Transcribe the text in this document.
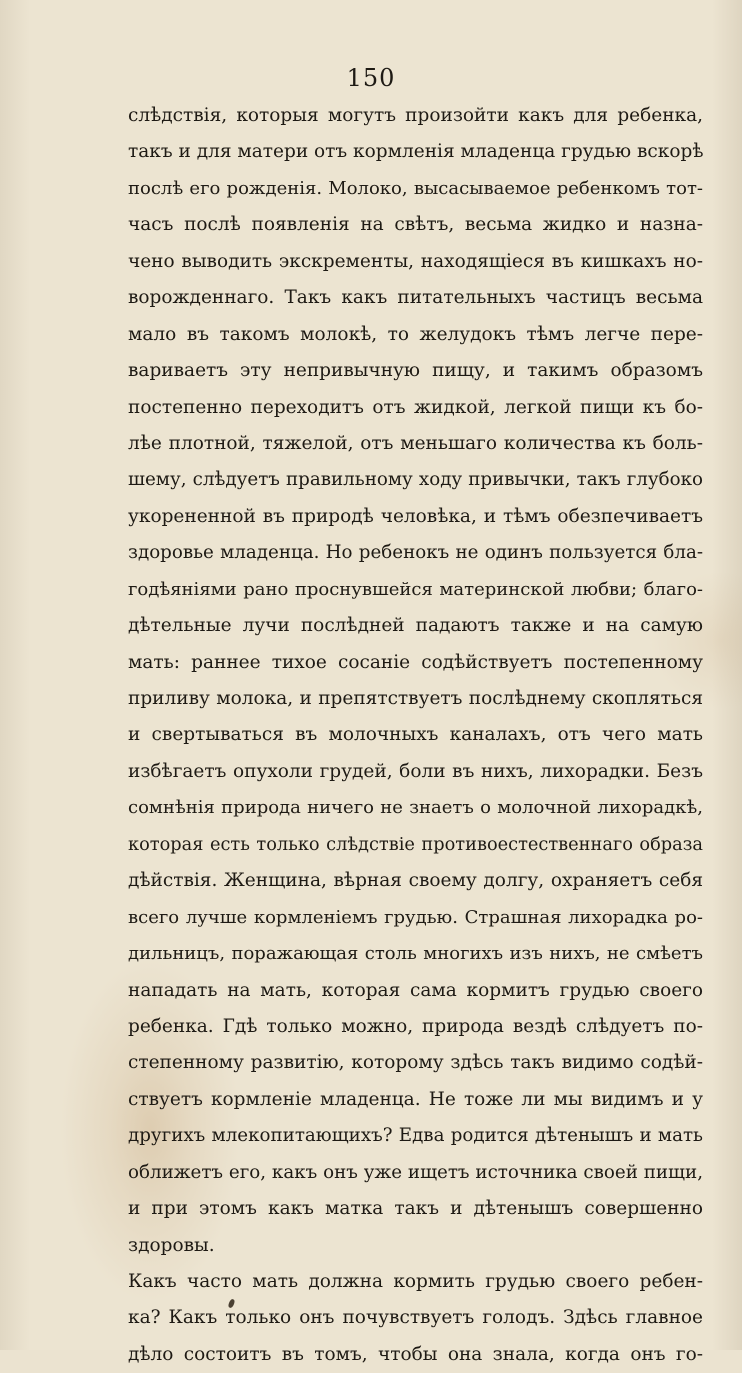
150
слѣдствія, которыя могутъ произойти какъ для ребенка,
такъ и для матери отъ кормленія младенца грудью вскорѣ
послѣ его рожденія. Молоко, высасываемое ребенкомъ тот-
часъ послѣ появленія на свѣтъ, весьма жидко и назна-
чено выводить экскременты, находящіеся въ кишкахъ но-
ворожденнаго. Такъ какъ питательныхъ частицъ весьма
мало въ такомъ молокѣ, то желудокъ тѣмъ легче пере-
вариваетъ эту непривычную пищу, и такимъ образомъ
постепенно переходитъ отъ жидкой, легкой пищи къ бо-
лѣе плотной, тяжелой, отъ меньшаго количества къ боль-
шему, слѣдуетъ правильному ходу привычки, такъ глубоко
укорененной въ природѣ человѣка, и тѣмъ обезпечиваетъ
здоровье младенца. Но ребенокъ не одинъ пользуется бла-
годѣяніями рано проснувшейся материнской любви; благо-
дѣтельные лучи послѣдней падаютъ также и на самую
мать: раннее тихое сосаніе содѣйствуетъ постепенному
приливу молока, и препятствуетъ послѣднему скопляться
и свертываться въ молочныхъ каналахъ, отъ чего мать
избѣгаетъ опухоли грудей, боли въ нихъ, лихорадки. Безъ
сомнѣнія природа ничего не знаетъ о молочной лихорадкѣ,
которая есть только слѣдствіе противоестественнаго образа
дѣйствія. Женщина, вѣрная своему долгу, охраняетъ себя
всего лучше кормленіемъ грудью. Страшная лихорадка ро-
дильницъ, поражающая столь многихъ изъ нихъ, не смѣетъ
нападать на мать, которая сама кормитъ грудью своего
ребенка. Гдѣ только можно, природа вездѣ слѣдуетъ по-
степенному развитію, которому здѣсь такъ видимо содѣй-
ствуетъ кормленіе младенца. Не тоже ли мы видимъ и у
другихъ млекопитающихъ? Едва родится дѣтенышъ и мать
оближетъ его, какъ онъ уже ищетъ источника своей пищи,
и при этомъ какъ матка такъ и дѣтенышъ совершенно
здоровы.
Какъ часто мать должна кормить грудью своего ребен-
ка? Какъ только онъ почувствуетъ голодъ. Здѣсь главное
дѣло состоитъ въ томъ, чтобы она знала, когда онъ го-
